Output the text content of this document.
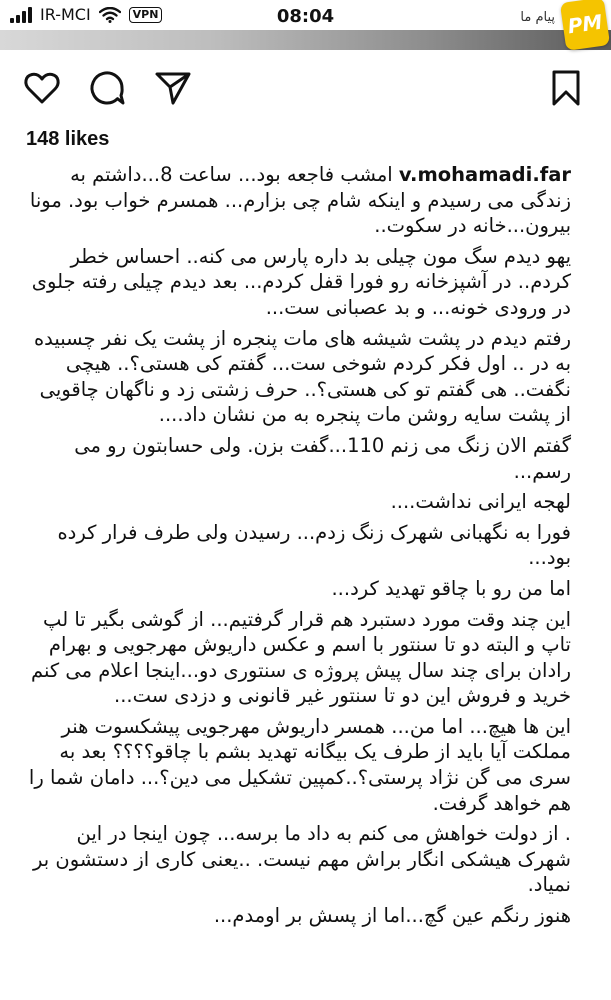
IR-MCI	VPN	08:04	پیام ما PM
148 likes

v.mohamadi.far امشب فاجعه بود... ساعت 8...داشتم به زندگی می رسیدم و اینکه شام چی بزارم... همسرم خواب بود. مونا بیرون...خانه در سکوت..

یهو دیدم سگ مون چیلی بد داره پارس می کنه.. احساس خطر کردم.. در آشپزخانه رو فورا قفل کردم... بعد دیدم چیلی رفته جلوی در ورودی خونه... و بد عصبانی ست...

رفتم دیدم در پشت شیشه های مات پنجره از پشت یک نفر چسبیده به در .. اول فکر کردم شوخی ست... گفتم کی هستی؟.. هیچی نگفت.. هی گفتم تو کی هستی؟.. حرف زشتی زد و ناگهان چاقویی از پشت سایه روشن مات پنجره به من نشان داد....

گفتم الان زنگ می زنم 110...گفت بزن. ولی حسابتون رو می رسم...

لهجه ایرانی نداشت....

فورا به نگهبانی شهرک زنگ زدم... رسیدن ولی طرف فرار کرده بود...

اما من رو با چاقو تهدید کرد...

این چند وقت مورد دستبرد هم قرار گرفتیم... از گوشی بگیر تا لپ تاپ و البته دو تا سنتور با اسم و عکس داریوش مهرجویی و بهرام رادان برای چند سال پیش پروژه ی سنتوری دو...اینجا اعلام می کنم خرید و فروش این دو تا سنتور غیر قانونی و دزدی ست...

این ها هیچ... اما من... همسر داریوش مهرجویی پیشکسوت هنر مملکت آیا باید از طرف یک بیگانه تهدید بشم با چاقو؟؟؟؟ بعد به سری می گن نژاد پرستی؟..کمپین تشکیل می دین؟... دامان شما را هم خواهد گرفت.

. از دولت خواهش می کنم به داد ما برسه... چون اینجا در این شهرک هیشکی انگار براش مهم نیست. ..یعنی کاری از دستشون بر نمیاد.

هنوز رنگم عین گچ...اما از پسش بر اومدم...
